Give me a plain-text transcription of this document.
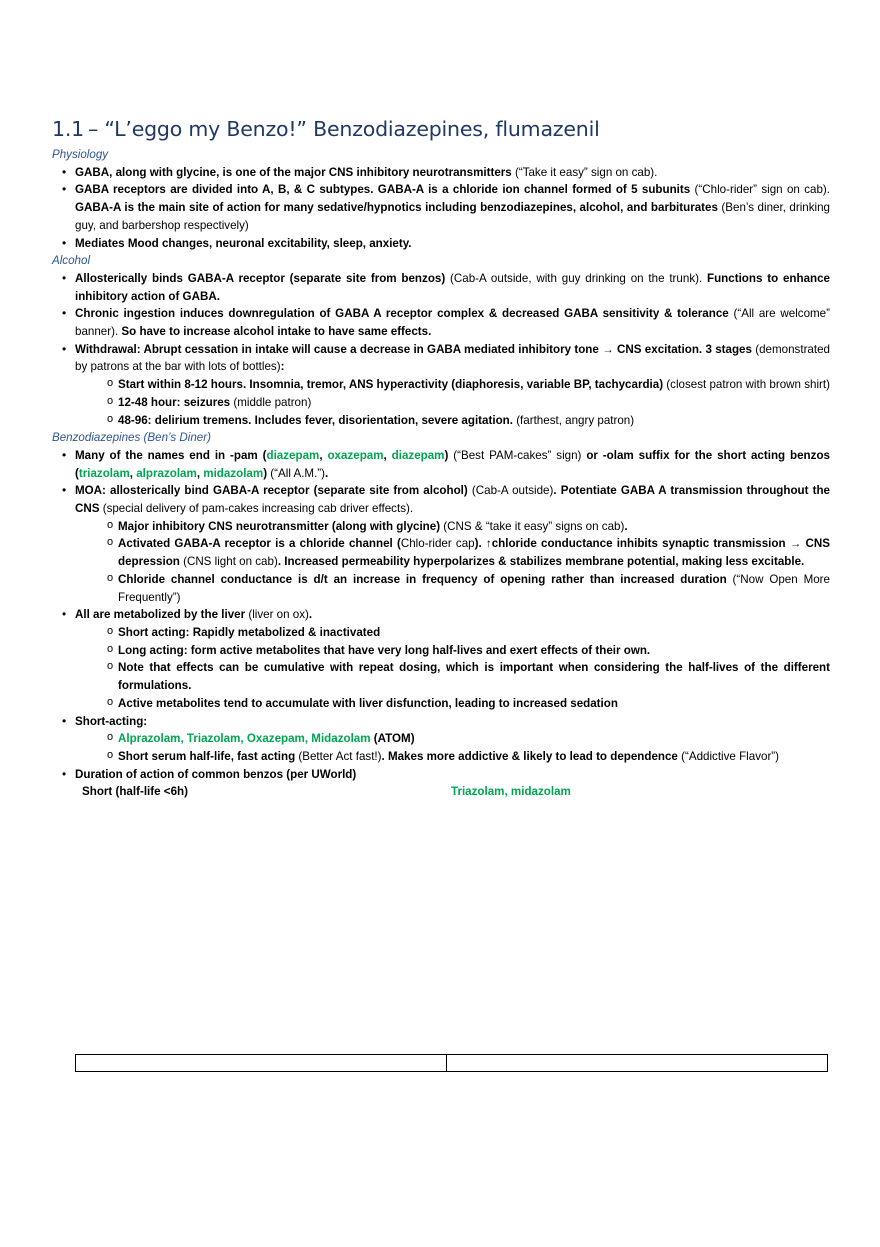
1.1 – “L’eggo my Benzo!” Benzodiazepines, flumazenil

Physiology

• GABA, along with glycine, is one of the major CNS inhibitory neurotransmitters (“Take it easy” sign on cab).
• GABA receptors are divided into A, B, & C subtypes. GABA-A is a chloride ion channel formed of 5 subunits (“Chlo-rider” sign on cab). GABA-A is the main site of action for many sedative/hypnotics including benzodiazepines, alcohol, and barbiturates (Ben’s diner, drinking guy, and barbershop respectively)
• Mediates Mood changes, neuronal excitability, sleep, anxiety.

Alcohol

• Allosterically binds GABA-A receptor (separate site from benzos) (Cab-A outside, with guy drinking on the trunk). Functions to enhance inhibitory action of GABA.
• Chronic ingestion induces downregulation of GABA A receptor complex & decreased GABA sensitivity & tolerance (“All are welcome” banner). So have to increase alcohol intake to have same effects.
• Withdrawal: Abrupt cessation in intake will cause a decrease in GABA mediated inhibitory tone → CNS excitation. 3 stages (demonstrated by patrons at the bar with lots of bottles):
o Start within 8-12 hours. Insomnia, tremor, ANS hyperactivity (diaphoresis, variable BP, tachycardia) (closest patron with brown shirt)
o 12-48 hour: seizures (middle patron)
o 48-96: delirium tremens. Includes fever, disorientation, severe agitation. (farthest, angry patron)

Benzodiazepines (Ben’s Diner)

• Many of the names end in -pam (diazepam, oxazepam, diazepam) (“Best PAM-cakes” sign) or -olam suffix for the short acting benzos (triazolam, alprazolam, midazolam) (“All A.M.”).
• MOA: allosterically bind GABA-A receptor (separate site from alcohol) (Cab-A outside). Potentiate GABA A transmission throughout the CNS (special delivery of pam-cakes increasing cab driver effects).
o Major inhibitory CNS neurotransmitter (along with glycine) (CNS & “take it easy” signs on cab).
o Activated GABA-A receptor is a chloride channel (Chlo-rider cap). ↑chloride conductance inhibits synaptic transmission → CNS depression (CNS light on cab). Increased permeability hyperpolarizes & stabilizes membrane potential, making less excitable.
o Chloride channel conductance is d/t an increase in frequency of opening rather than increased duration (“Now Open More Frequently”)
• All are metabolized by the liver (liver on ox).
o Short acting: Rapidly metabolized & inactivated
o Long acting: form active metabolites that have very long half-lives and exert effects of their own.
o Note that effects can be cumulative with repeat dosing, which is important when considering the half-lives of the different formulations.
o Active metabolites tend to accumulate with liver disfunction, leading to increased sedation
• Short-acting:
o Alprazolam, Triazolam, Oxazepam, Midazolam (ATOM)
o Short serum half-life, fast acting (Better Act fast!). Makes more addictive & likely to lead to dependence (“Addictive Flavor”)
• Duration of action of common benzos (per UWorld)
Short (half-life <6h)	Triazolam, midazolam
